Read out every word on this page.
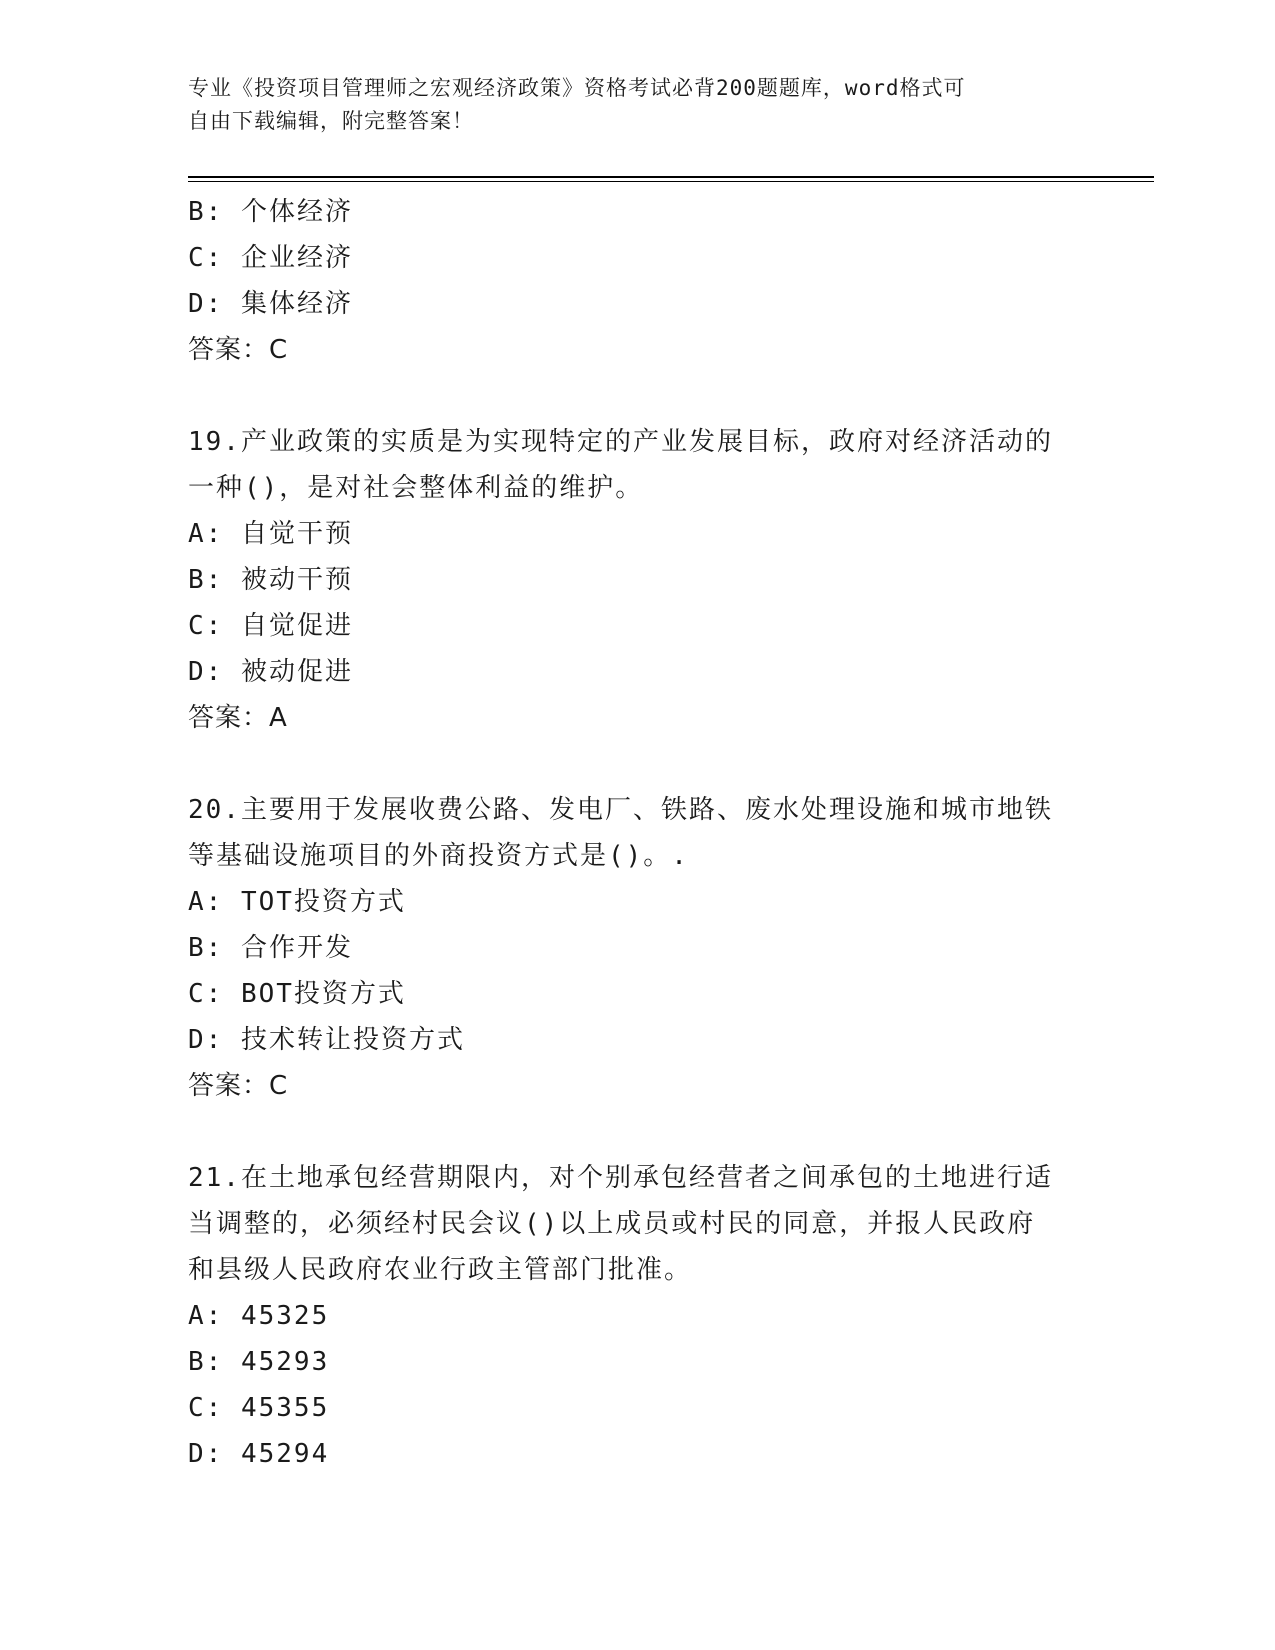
专业《投资项目管理师之宏观经济政策》资格考试必背200题题库，word格式可
自由下载编辑，附完整答案！
B: 个体经济
C: 企业经济
D: 集体经济
答案：C
19.产业政策的实质是为实现特定的产业发展目标，政府对经济活动的
一种()，是对社会整体利益的维护。
A: 自觉干预
B: 被动干预
C: 自觉促进
D: 被动促进
答案：A
20.主要用于发展收费公路、发电厂、铁路、废水处理设施和城市地铁
等基础设施项目的外商投资方式是()。.
A: TOT投资方式
B: 合作开发
C: BOT投资方式
D: 技术转让投资方式
答案：C
21.在土地承包经营期限内，对个别承包经营者之间承包的土地进行适
当调整的，必须经村民会议()以上成员或村民的同意，并报人民政府
和县级人民政府农业行政主管部门批准。
A: 45325
B: 45293
C: 45355
D: 45294
